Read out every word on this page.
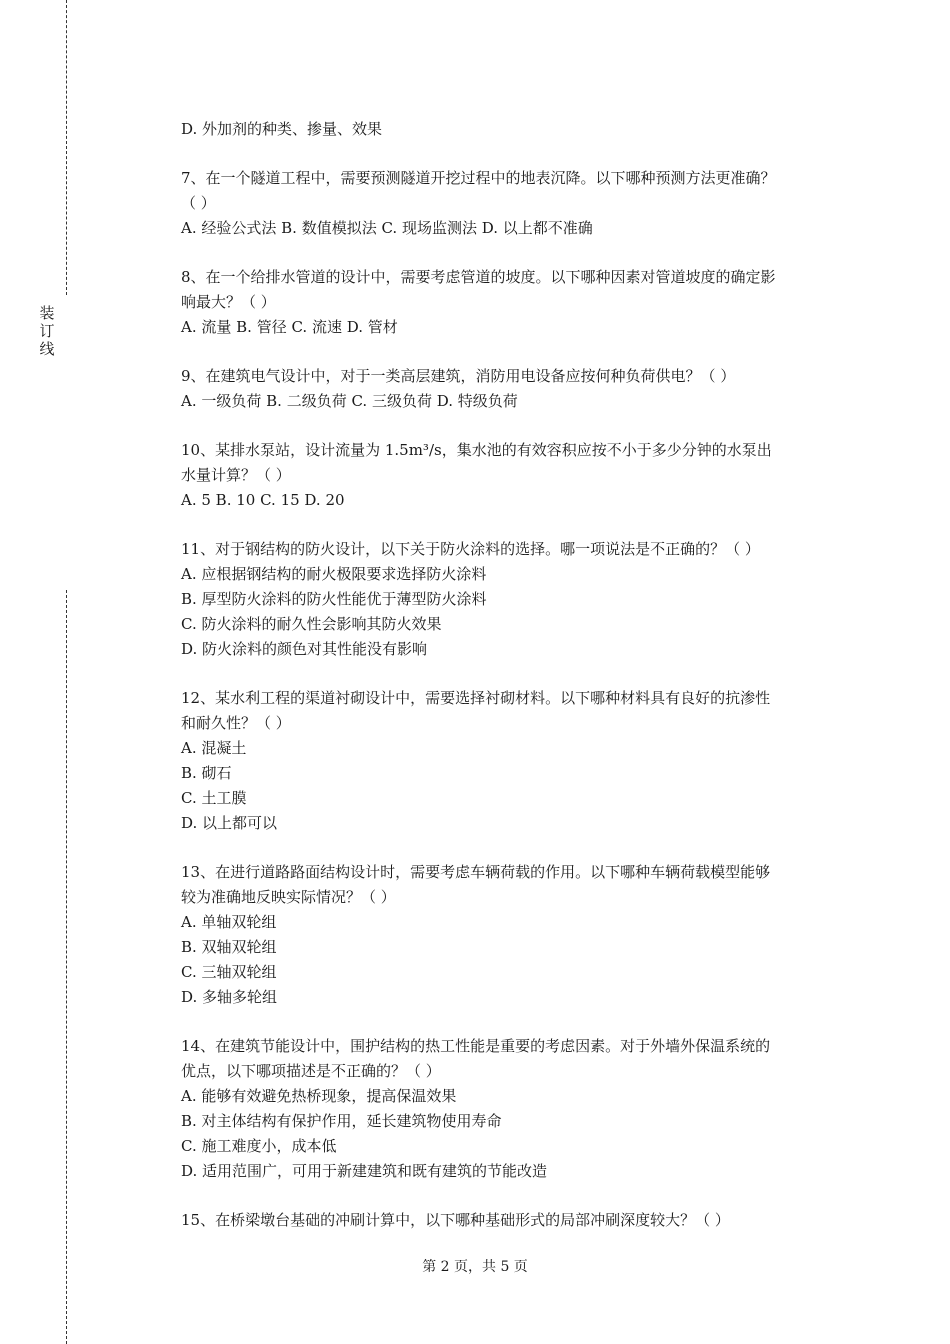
装
订
线
D. 外加剂的种类、掺量、效果
7、在一个隧道工程中，需要预测隧道开挖过程中的地表沉降。以下哪种预测方法更准确？
（ ）
A. 经验公式法 B. 数值模拟法 C. 现场监测法 D. 以上都不准确
8、在一个给排水管道的设计中，需要考虑管道的坡度。以下哪种因素对管道坡度的确定影
响最大？（ ）
A. 流量 B. 管径 C. 流速 D. 管材
9、在建筑电气设计中，对于一类高层建筑，消防用电设备应按何种负荷供电？（ ）
A. 一级负荷 B. 二级负荷 C. 三级负荷 D. 特级负荷
10、某排水泵站，设计流量为 1.5m³/s，集水池的有效容积应按不小于多少分钟的水泵出
水量计算？（ ）
A. 5 B. 10 C. 15 D. 20
11、对于钢结构的防火设计，以下关于防火涂料的选择。哪一项说法是不正确的？（ ）
A. 应根据钢结构的耐火极限要求选择防火涂料
B. 厚型防火涂料的防火性能优于薄型防火涂料
C. 防火涂料的耐久性会影响其防火效果
D. 防火涂料的颜色对其性能没有影响
12、某水利工程的渠道衬砌设计中，需要选择衬砌材料。以下哪种材料具有良好的抗渗性
和耐久性？（ ）
A. 混凝土
B. 砌石
C. 土工膜
D. 以上都可以
13、在进行道路路面结构设计时，需要考虑车辆荷载的作用。以下哪种车辆荷载模型能够
较为准确地反映实际情况？（ ）
A. 单轴双轮组
B. 双轴双轮组
C. 三轴双轮组
D. 多轴多轮组
14、在建筑节能设计中，围护结构的热工性能是重要的考虑因素。对于外墙外保温系统的
优点，以下哪项描述是不正确的？（ ）
A. 能够有效避免热桥现象，提高保温效果
B. 对主体结构有保护作用，延长建筑物使用寿命
C. 施工难度小，成本低
D. 适用范围广，可用于新建建筑和既有建筑的节能改造
15、在桥梁墩台基础的冲刷计算中，以下哪种基础形式的局部冲刷深度较大？（ ）
第 2 页，共 5 页
